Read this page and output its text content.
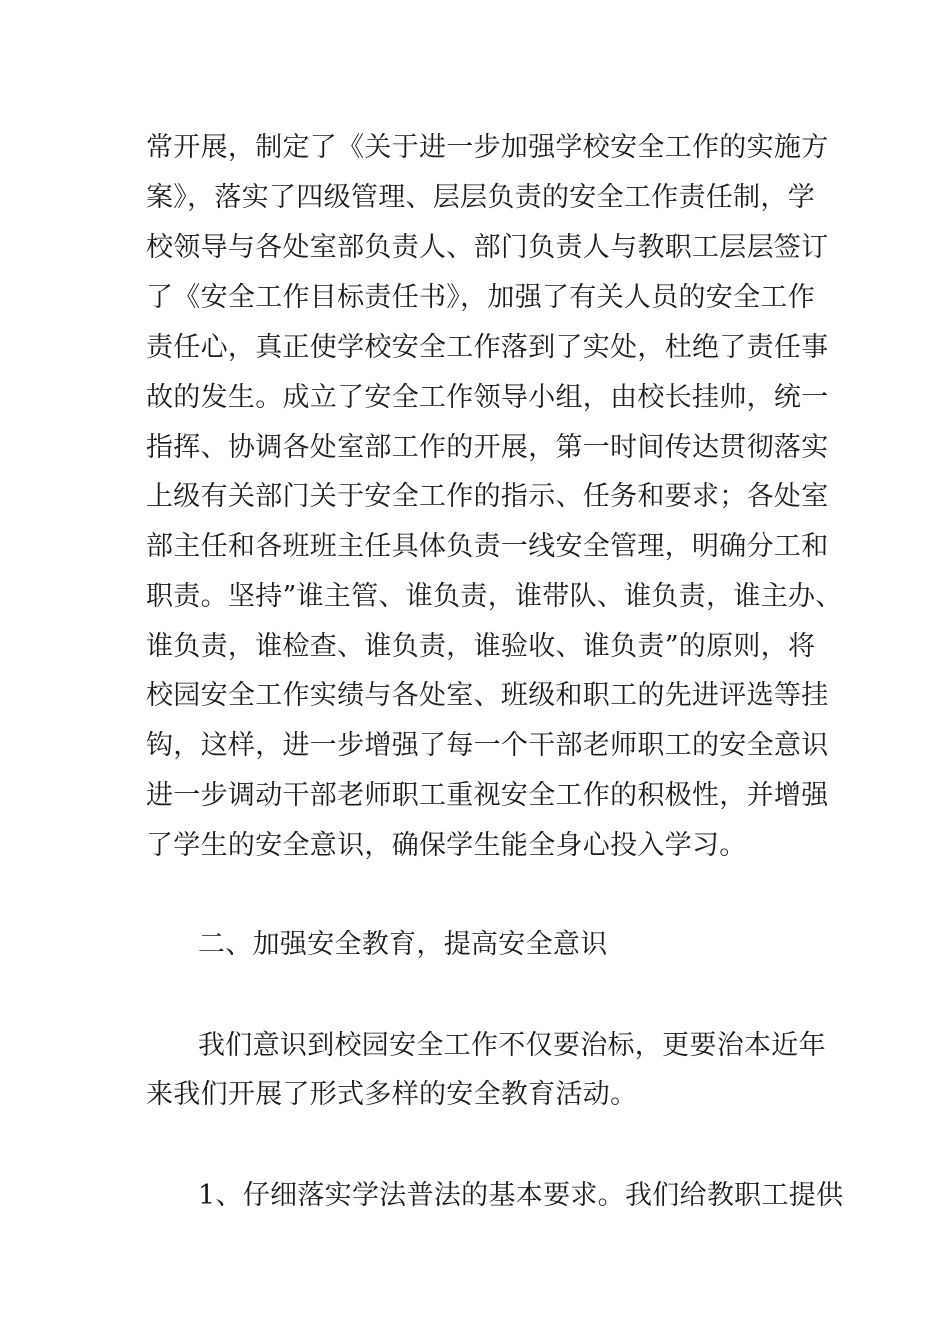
常开展，制定了《关于进一步加强学校安全工作的实施方
案》，落实了四级管理、层层负责的安全工作责任制，学
校领导与各处室部负责人、部门负责人与教职工层层签订
了《安全工作目标责任书》，加强了有关人员的安全工作
责任心，真正使学校安全工作落到了实处，杜绝了责任事
故的发生。成立了安全工作领导小组，由校长挂帅，统一
指挥、协调各处室部工作的开展，第一时间传达贯彻落实
上级有关部门关于安全工作的指示、任务和要求；各处室
部主任和各班班主任具体负责一线安全管理，明确分工和
职责。坚持”谁主管、谁负责，谁带队、谁负责，谁主办、
谁负责，谁检查、谁负责，谁验收、谁负责”的原则，将
校园安全工作实绩与各处室、班级和职工的先进评选等挂
钩，这样，进一步增强了每一个干部老师职工的安全意识
进一步调动干部老师职工重视安全工作的积极性，并增强
了学生的安全意识，确保学生能全身心投入学习。
二、加强安全教育，提高安全意识
我们意识到校园安全工作不仅要治标，更要治本近年
来我们开展了形式多样的安全教育活动。
1、仔细落实学法普法的基本要求。我们给教职工提供
